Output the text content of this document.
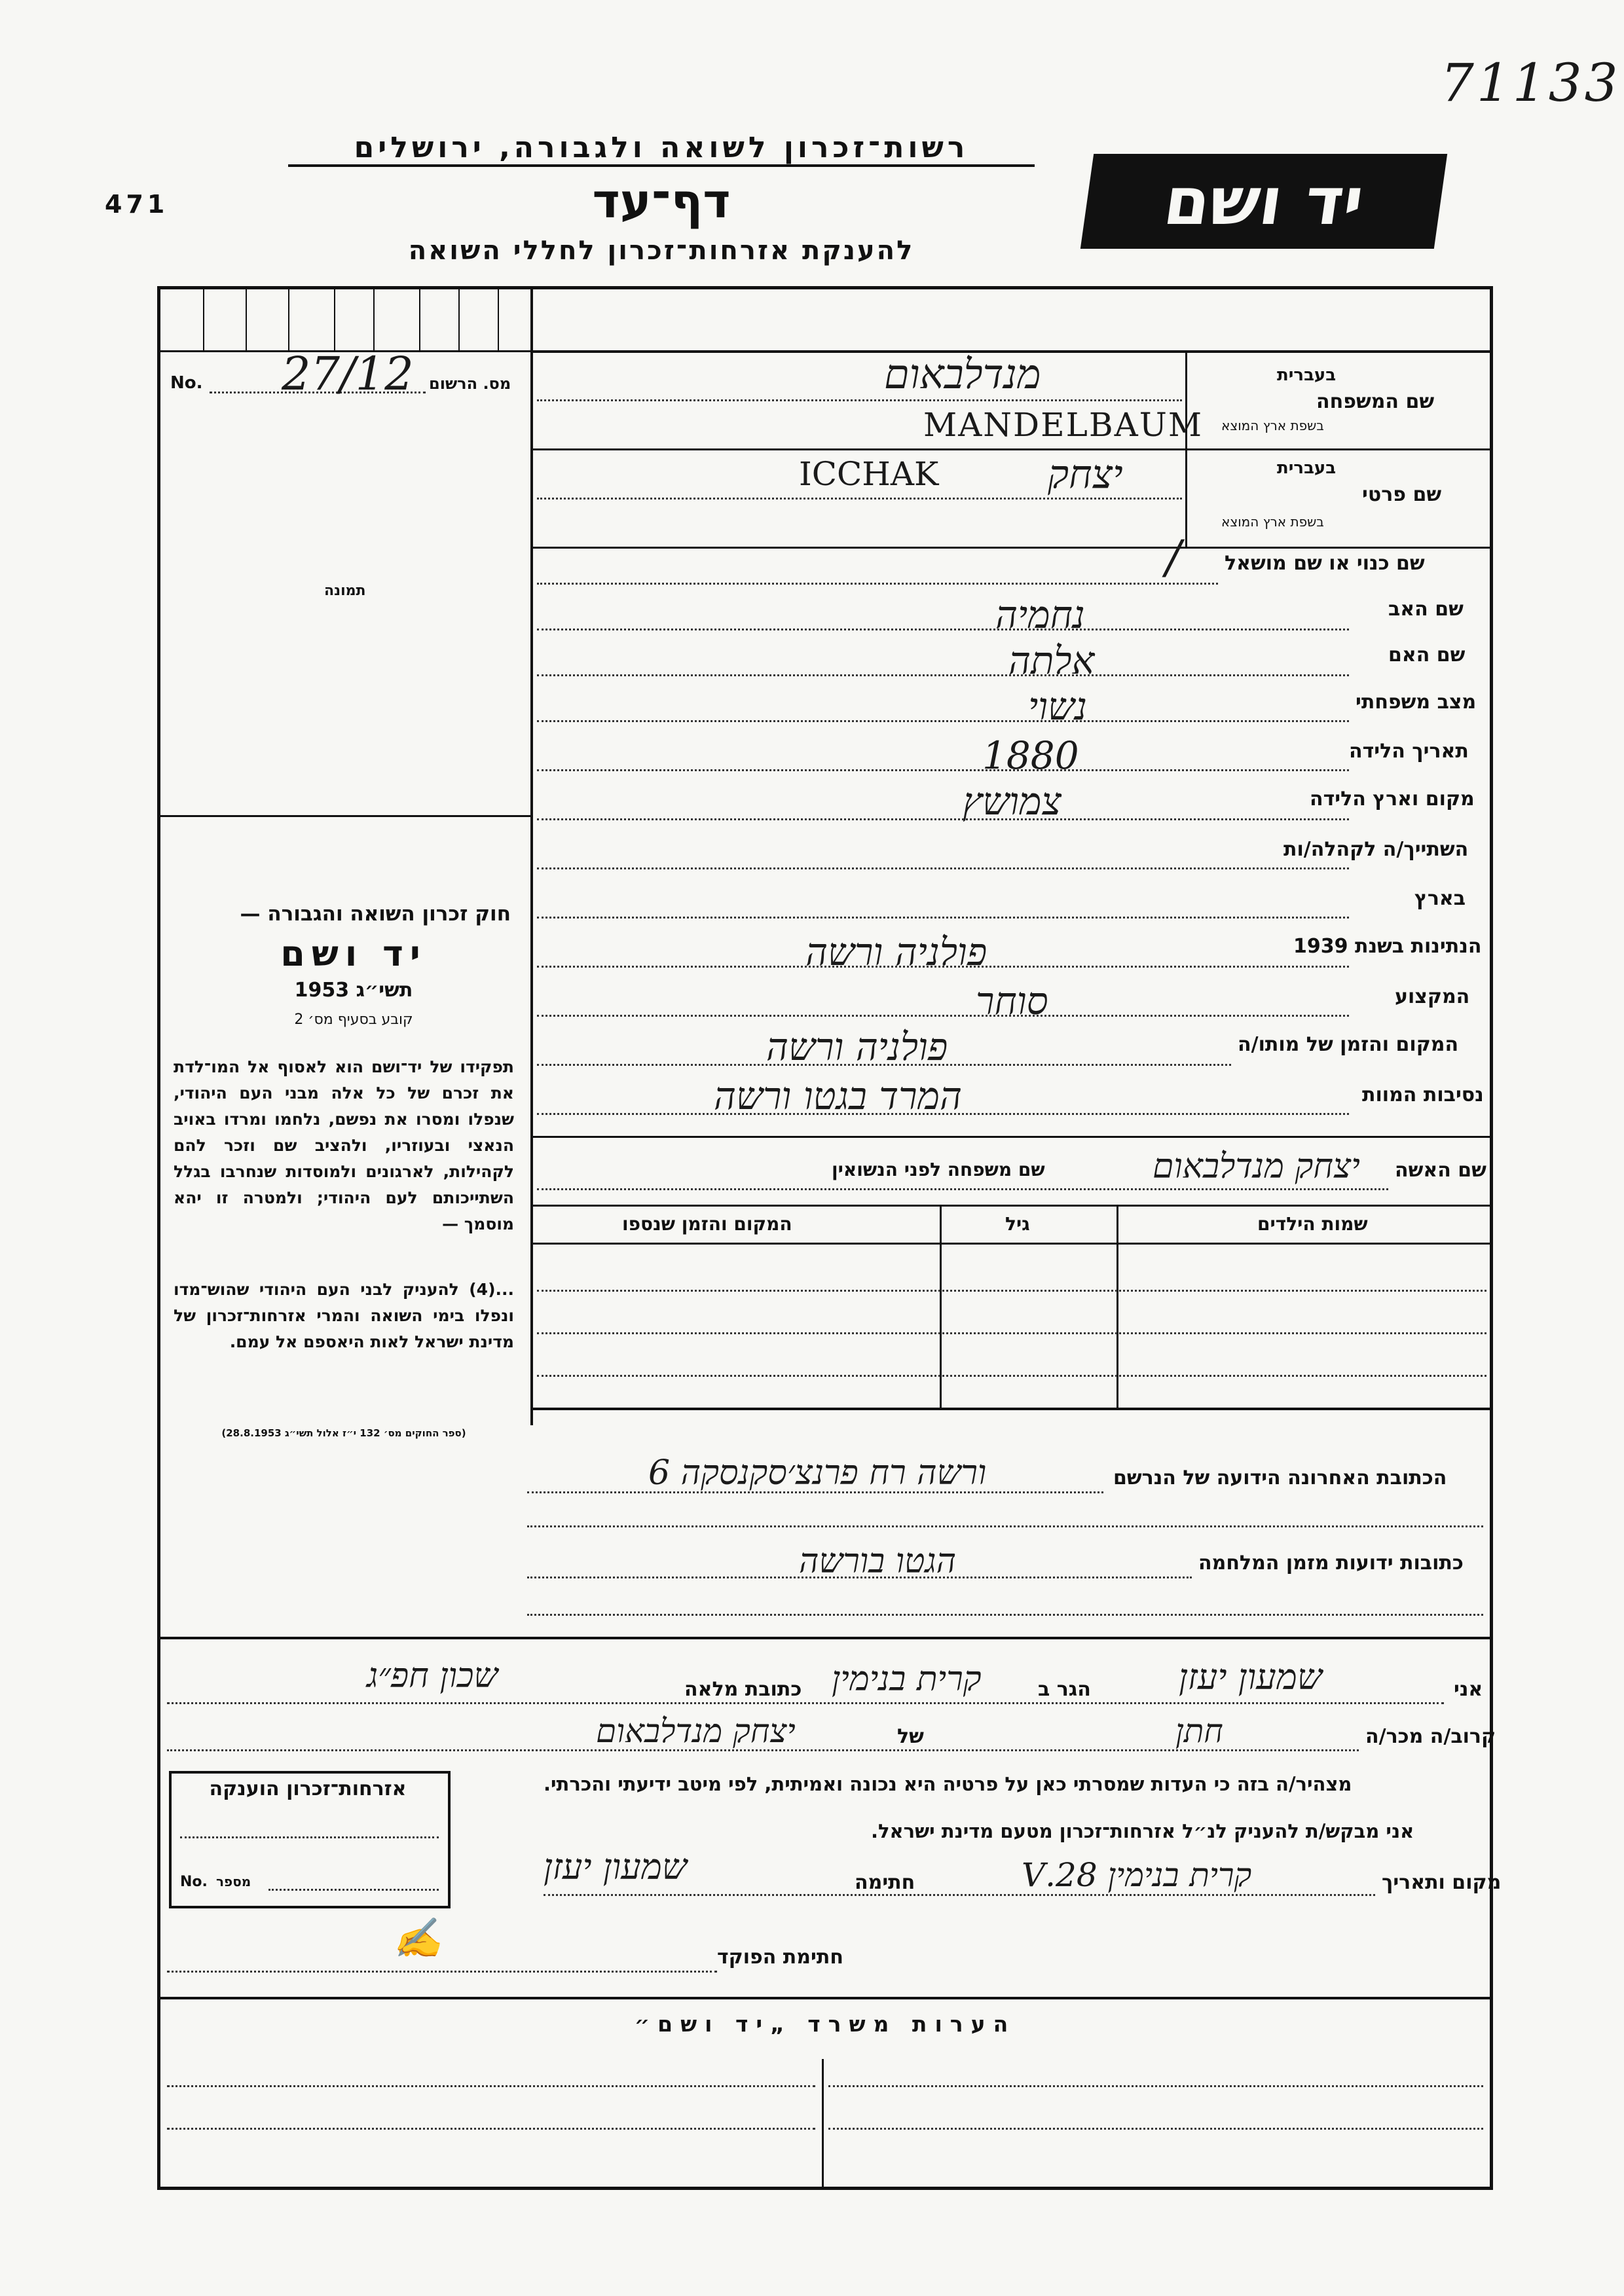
71133
471
רשות־זכרון לשואה ולגבורה, ירושלים
דף־עד
להענקת אזרחות־זכרון לחללי השואה
יד ושם
No. 27/12 מס. הרשום
תמונה
שם המשפחה
בעברית
בשפת ארץ המוצא
מנדלבאום
MANDELBAUM
שם פרטי
בעברית
בשפת ארץ המוצא
ICCHAK	יצחק
שם כנוי או שם מושאל
/
שם האב
נחמיה
שם האם
אלתה
מצב משפחתי
נשוי
תאריך הלידה
1880
מקום וארץ הלידה
צמושץ
השתייך/ה לקהלה/ות
בארץ
הנתינות בשנת 1939
פולניה ורשה
המקצוע
סוחר
המקום והזמן של מותו/ה
פולניה ורשה
נסיבות המוות
המרד בגטו ורשה
שם האשה
יצחק מנדלבאום
שם משפחה לפני הנשואין
שמות הילדים
גיל
המקום והזמן שנספו
חוק זכרון השואה והגבורה —
יד ושם
תשי״ג 1953
קובע בסעיף מס׳ 2
תפקידו של יד־ושם הוא לאסוף אל המו־לדת את זכרם של כל אלה מבני העם היהודי, שנפלו ומסרו את נפשם, נלחמו ומרדו באויב הנאצי ובעוזריו, ולהציב שם וזכר להם לקהילות, לארגונים ולמוסדות שנחרבו בגלל השתייכותם לעם היהודי; ולמטרה זו יהא מוסמך —
...(4) להעניק לבני העם היהודי שהוש־מדו ונפלו בימי השואה והמרי אזרחות־זכרון של מדינת ישראל לאות היאספם אל עמם.
(ספר החוקים מס׳ 132 י״ז אלול תשי״ג 28.8.1953)
הכתובת האחרונה הידועה של הנרשם
ורשה רח פרנצ׳סקנסקה 6
כתובות ידועות מזמן המלחמה
הגטו בורשה
אני
שמעון יעזן
הגר ב
קרית בנימין
כתובת מלאה
שכון חפ״ג
קרוב/ה מכר/ה
חתן
של
יצחק מנדלבאום
מצהיר/ה בזה כי העדות שמסרתי כאן על פרטיה היא נכונה ואמיתית, לפי מיטב ידיעתי והכרתי.
אני מבקש/ת להעניק לנ״ל אזרחות־זכרון מטעם מדינת ישראל.
מקום ותאריך
קרית בנימין 28.V
חתימה
שמעון יעזן
אזרחות־זכרון הוענקה
No. מספר
✍	חתימת הפוקד
הערות משרד „יד ושם״
